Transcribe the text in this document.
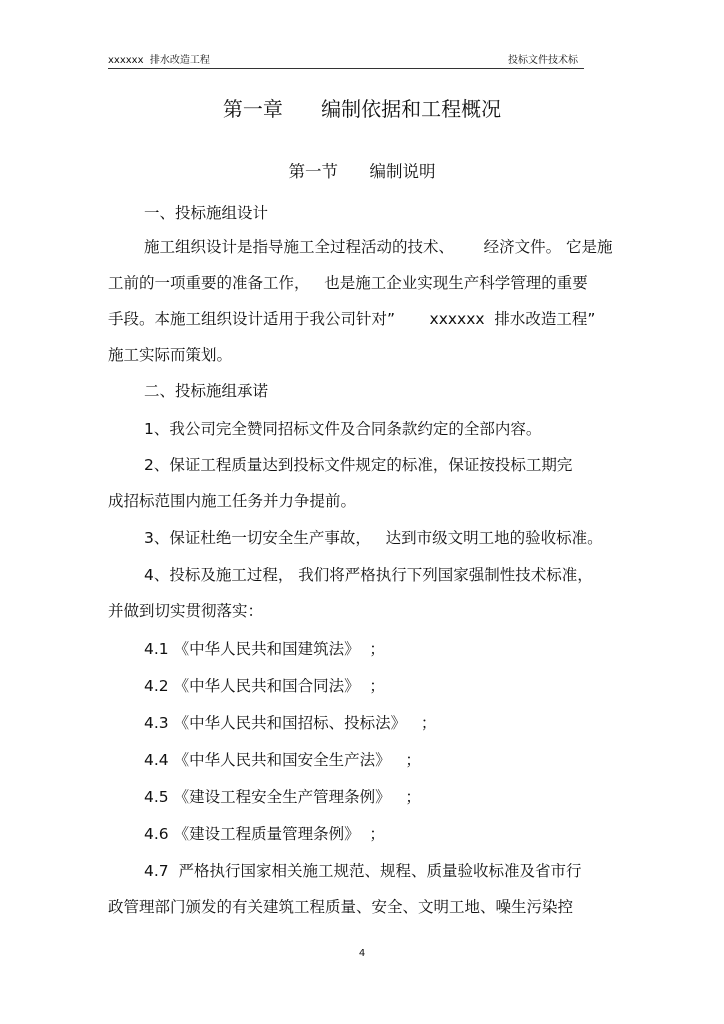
xxxxxx  排水改造工程	投标文件技术标
第一章      编制依据和工程概况
第一节      编制说明
一、投标施组设计
施工组织设计是指导施工全过程活动的技术、      经济文件。 它是施
工前的一项重要的准备工作，   也是施工企业实现生产科学管理的重要
手段。本施工组织设计适用于我公司针对”       xxxxxx  排水改造工程”
施工实际而策划。
二、投标施组承诺
1、我公司完全赞同招标文件及合同条款约定的全部内容。
2、保证工程质量达到投标文件规定的标准，保证按投标工期完
成招标范围内施工任务并力争提前。
3、保证杜绝一切安全生产事故，   达到市级文明工地的验收标准。
4、投标及施工过程， 我们将严格执行下列国家强制性技术标准，
并做到切实贯彻落实：
4.1 《中华人民共和国建筑法》  ；
4.2 《中华人民共和国合同法》  ；
4.3 《中华人民共和国招标、投标法》   ；
4.4 《中华人民共和国安全生产法》   ；
4.5 《建设工程安全生产管理条例》   ；
4.6 《建设工程质量管理条例》  ；
4.7  严格执行国家相关施工规范、规程、质量验收标准及省市行
政管理部门颁发的有关建筑工程质量、安全、文明工地、噪生污染控
4
